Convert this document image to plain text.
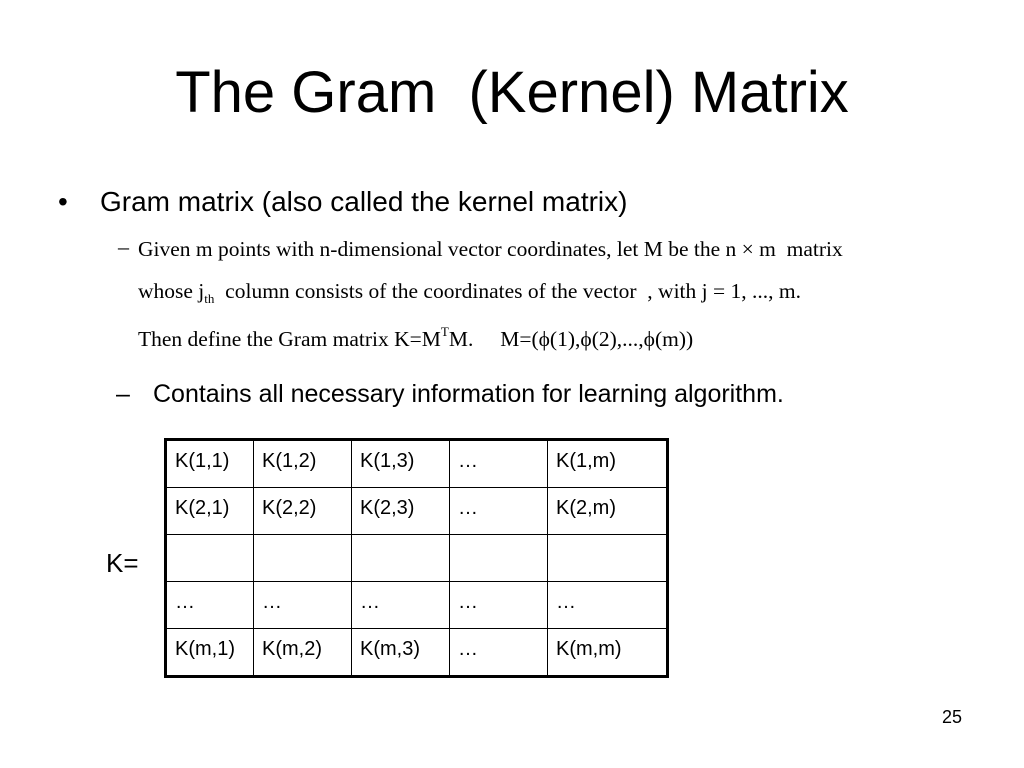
The Gram  (Kernel) Matrix
• Gram matrix (also called the kernel matrix)
– Given m points with n-dimensional vector coordinates, let M be the n × m  matrix
whose $j_{th}$  column consists of the coordinates of the vector  , with j = 1, ..., m.
Then define the Gram matrix $K=M^TM$.     M=(ϕ(1),ϕ(2),...,ϕ(m))
– Contains all necessary information for learning algorithm.
K=
K(1,1)	K(1,2)	K(1,3)	…	K(1,m)
K(2,1)	K(2,2)	K(2,3)	…	K(2,m)

…	…	…	…	…
K(m,1)	K(m,2)	K(m,3)	…	K(m,m)
25
